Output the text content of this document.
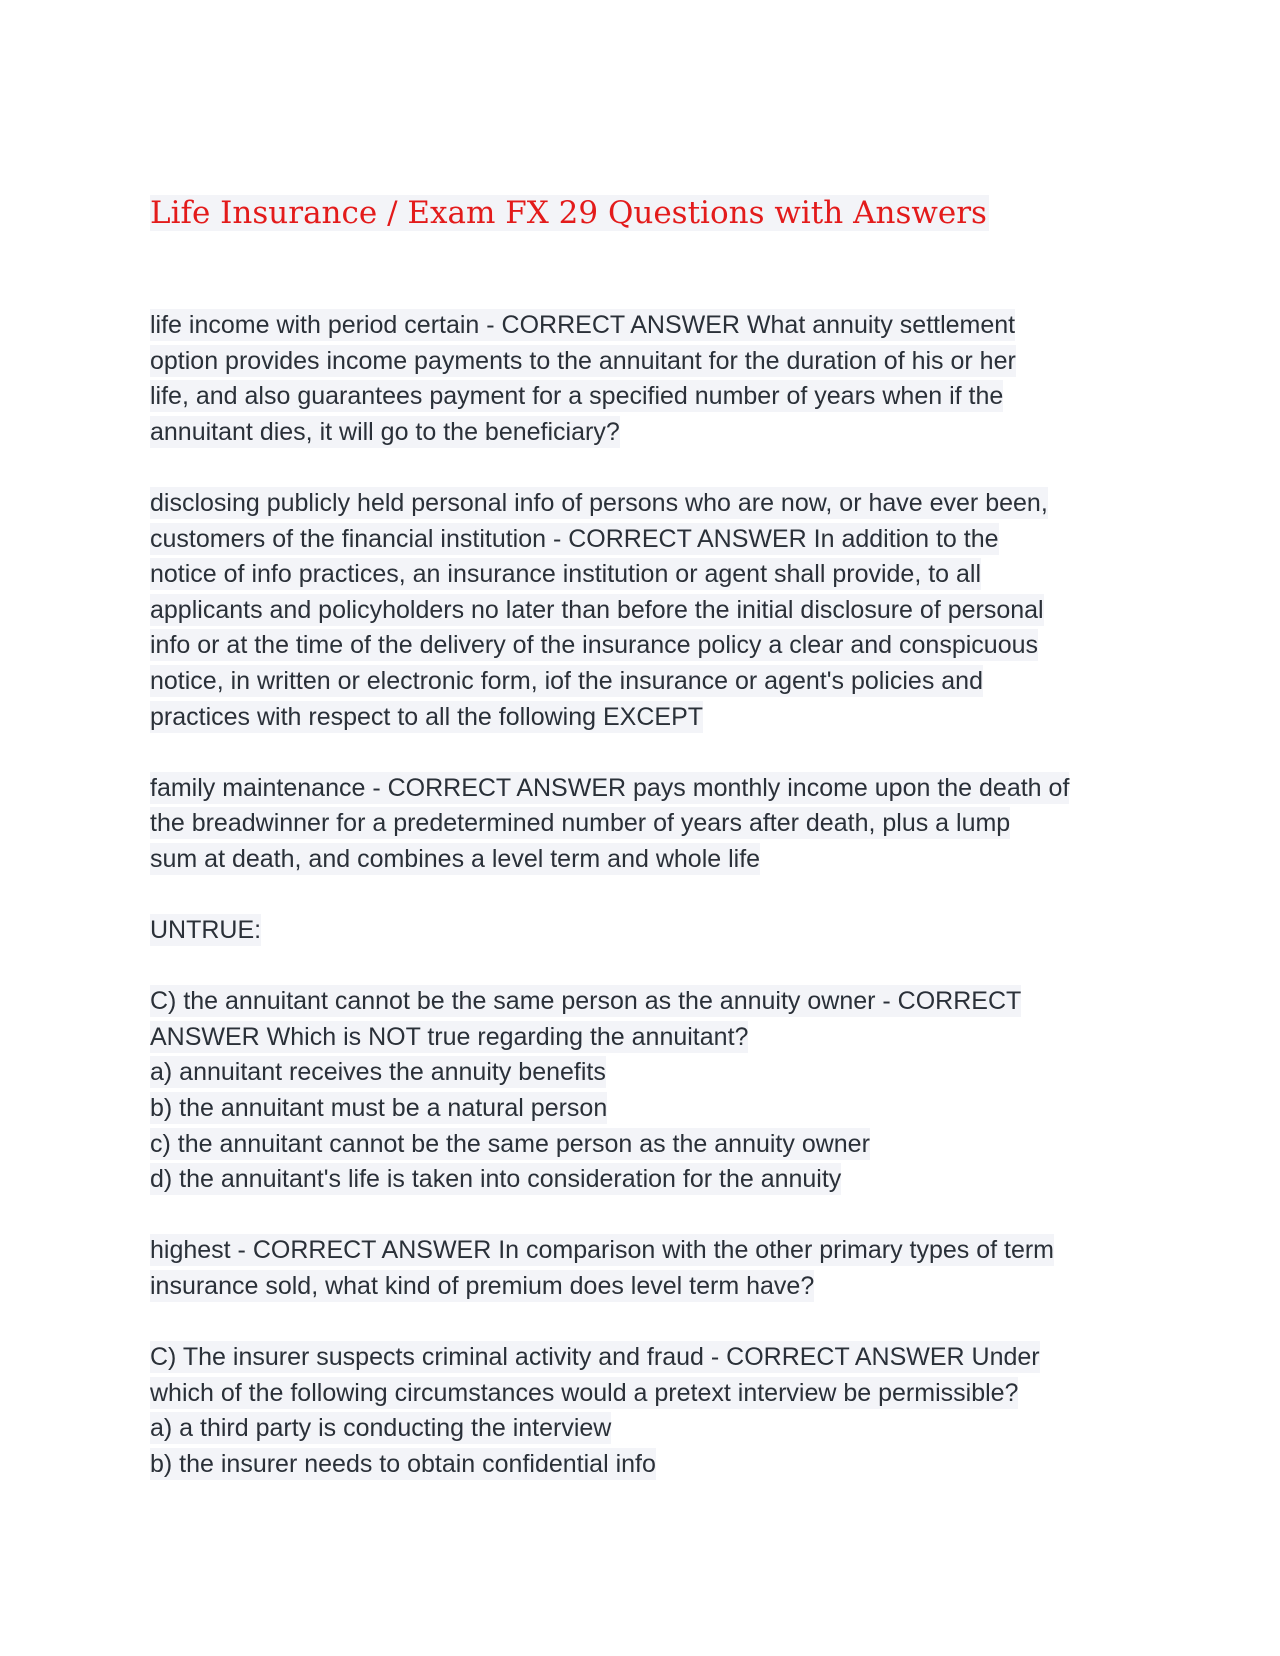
Life Insurance / Exam FX 29 Questions with Answers
life income with period certain - CORRECT ANSWER What annuity settlement
option provides income payments to the annuitant for the duration of his or her
life, and also guarantees payment for a specified number of years when if the
annuitant dies, it will go to the beneficiary?
disclosing publicly held personal info of persons who are now, or have ever been,
customers of the financial institution - CORRECT ANSWER In addition to the
notice of info practices, an insurance institution or agent shall provide, to all
applicants and policyholders no later than before the initial disclosure of personal
info or at the time of the delivery of the insurance policy a clear and conspicuous
notice, in written or electronic form, iof the insurance or agent's policies and
practices with respect to all the following EXCEPT
family maintenance - CORRECT ANSWER pays monthly income upon the death of
the breadwinner for a predetermined number of years after death, plus a lump
sum at death, and combines a level term and whole life
UNTRUE:
C) the annuitant cannot be the same person as the annuity owner - CORRECT
ANSWER Which is NOT true regarding the annuitant?
a) annuitant receives the annuity benefits
b) the annuitant must be a natural person
c) the annuitant cannot be the same person as the annuity owner
d) the annuitant's life is taken into consideration for the annuity
highest - CORRECT ANSWER In comparison with the other primary types of term
insurance sold, what kind of premium does level term have?
C) The insurer suspects criminal activity and fraud - CORRECT ANSWER Under
which of the following circumstances would a pretext interview be permissible?
a) a third party is conducting the interview
b) the insurer needs to obtain confidential info
